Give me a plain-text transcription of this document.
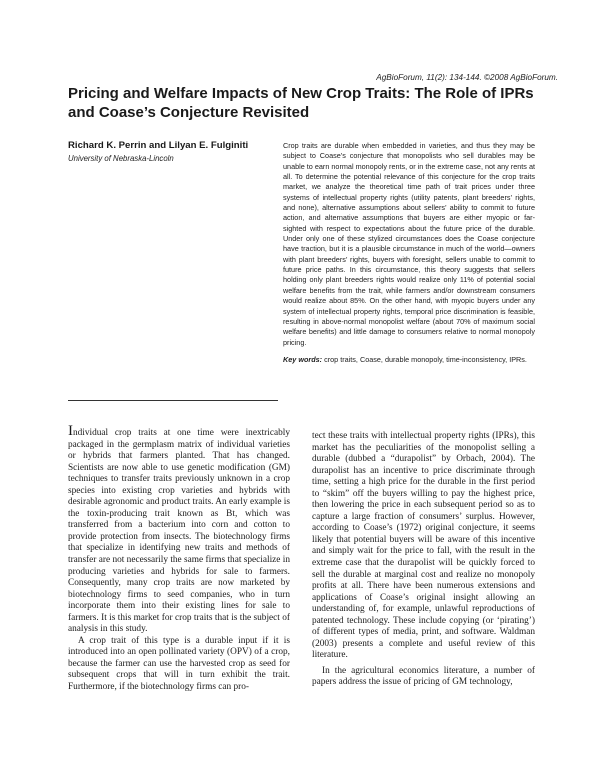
AgBioForum, 11(2): 134-144. ©2008 AgBioForum.
Pricing and Welfare Impacts of New Crop Traits: The Role of IPRs and Coase’s Conjecture Revisited
Richard K. Perrin and Lilyan E. Fulginiti
University of Nebraska-Lincoln

Crop traits are durable when embedded in varieties, and thus they may be subject to Coase’s conjecture that monopolists who sell durables may be unable to earn normal monopoly rents, or in the extreme case, not any rents at all. To determine the potential relevance of this conjecture for the crop traits market, we analyze the theoretical time path of trait prices under three systems of intellectual property rights (utility patents, plant breeders’ rights, and none), alternative assumptions about sellers’ ability to commit to future action, and alternative assumptions that buyers are either myopic or far-sighted with respect to expectations about the future price of the durable. Under only one of these stylized circumstances does the Coase conjecture have traction, but it is a plausible circumstance in much of the world—owners with plant breeders’ rights, buyers with foresight, sellers unable to commit to future price paths. In this circumstance, this theory suggests that sellers holding only plant breeders rights would realize only 11% of potential social welfare benefits from the trait, while farmers and/or downstream consumers would realize about 85%. On the other hand, with myopic buyers under any system of intellectual property rights, temporal price discrimination is feasible, resulting in above-normal monopolist welfare (about 70% of maximum social welfare benefits) and little damage to consumers relative to normal monopoly pricing.

Key words: crop traits, Coase, durable monopoly, time-inconsistency, IPRs.

Individual crop traits at one time were inextricably packaged in the germplasm matrix of individual varieties or hybrids that farmers planted. That has changed. Scientists are now able to use genetic modification (GM) techniques to transfer traits previously unknown in a crop species into existing crop varieties and hybrids with desirable agronomic and product traits. An early example is the toxin-producing trait known as Bt, which was transferred from a bacterium into corn and cotton to provide protection from insects. The biotechnology firms that specialize in identifying new traits and methods of transfer are not necessarily the same firms that specialize in producing varieties and hybrids for sale to farmers. Consequently, many crop traits are now marketed by biotechnology firms to seed companies, who in turn incorporate them into their existing lines for sale to farmers. It is this market for crop traits that is the subject of analysis in this study.

A crop trait of this type is a durable input if it is introduced into an open pollinated variety (OPV) of a crop, because the farmer can use the harvested crop as seed for subsequent crops that will in turn exhibit the trait. Furthermore, if the biotechnology firms can pro-

tect these traits with intellectual property rights (IPRs), this market has the peculiarities of the monopolist selling a durable (dubbed a “durapolist” by Orbach, 2004). The durapolist has an incentive to price discriminate through time, setting a high price for the durable in the first period to “skim” off the buyers willing to pay the highest price, then lowering the price in each subsequent period so as to capture a large fraction of consumers’ surplus. However, according to Coase’s (1972) original conjecture, it seems likely that potential buyers will be aware of this incentive and simply wait for the price to fall, with the result in the extreme case that the durapolist will be quickly forced to sell the durable at marginal cost and realize no monopoly profits at all. There have been numerous extensions and applications of Coase’s original insight allowing an understanding of, for example, unlawful reproductions of patented technology. These include copying (or ‘pirating’) of different types of media, print, and software. Waldman (2003) presents a complete and useful review of this literature.

In the agricultural economics literature, a number of papers address the issue of pricing of GM technology,
